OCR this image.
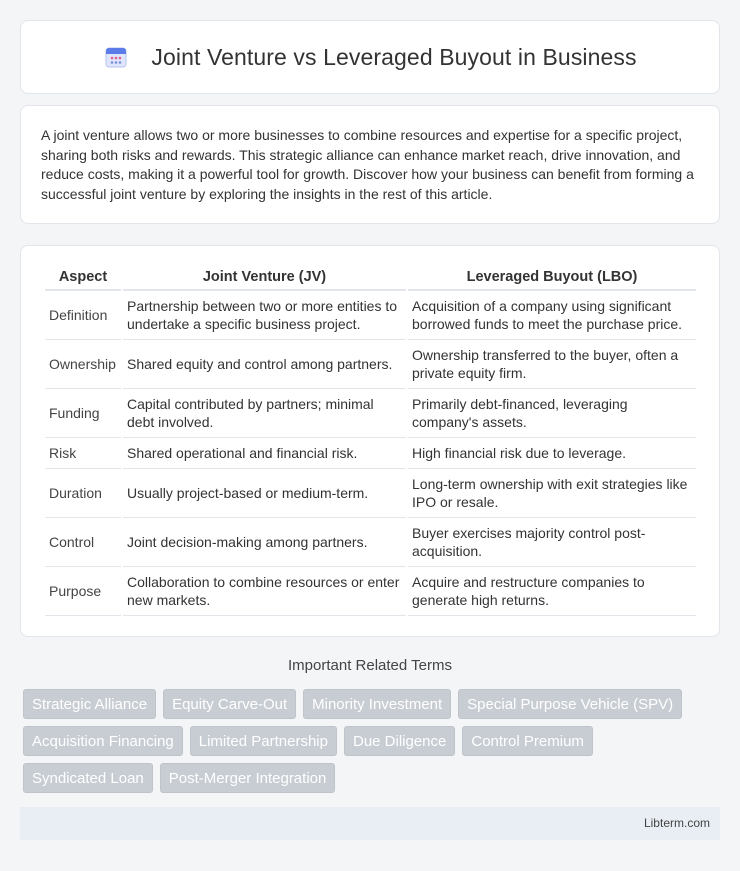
Joint Venture vs Leveraged Buyout in Business

A joint venture allows two or more businesses to combine resources and expertise for a specific project, sharing both risks and rewards. This strategic alliance can enhance market reach, drive innovation, and reduce costs, making it a powerful tool for growth. Discover how your business can benefit from forming a successful joint venture by exploring the insights in the rest of this article.

Aspect	Joint Venture (JV)	Leveraged Buyout (LBO)
Definition	Partnership between two or more entities to undertake a specific business project.	Acquisition of a company using significant borrowed funds to meet the purchase price.
Ownership	Shared equity and control among partners.	Ownership transferred to the buyer, often a private equity firm.
Funding	Capital contributed by partners; minimal debt involved.	Primarily debt-financed, leveraging company's assets.
Risk	Shared operational and financial risk.	High financial risk due to leverage.
Duration	Usually project-based or medium-term.	Long-term ownership with exit strategies like IPO or resale.
Control	Joint decision-making among partners.	Buyer exercises majority control post-acquisition.
Purpose	Collaboration to combine resources or enter new markets.	Acquire and restructure companies to generate high returns.
Important Related Terms
Strategic Alliance	Equity Carve-Out	Minority Investment	Special Purpose Vehicle (SPV)
Acquisition Financing	Limited Partnership	Due Diligence	Control Premium
Syndicated Loan	Post-Merger Integration
Libterm.com
